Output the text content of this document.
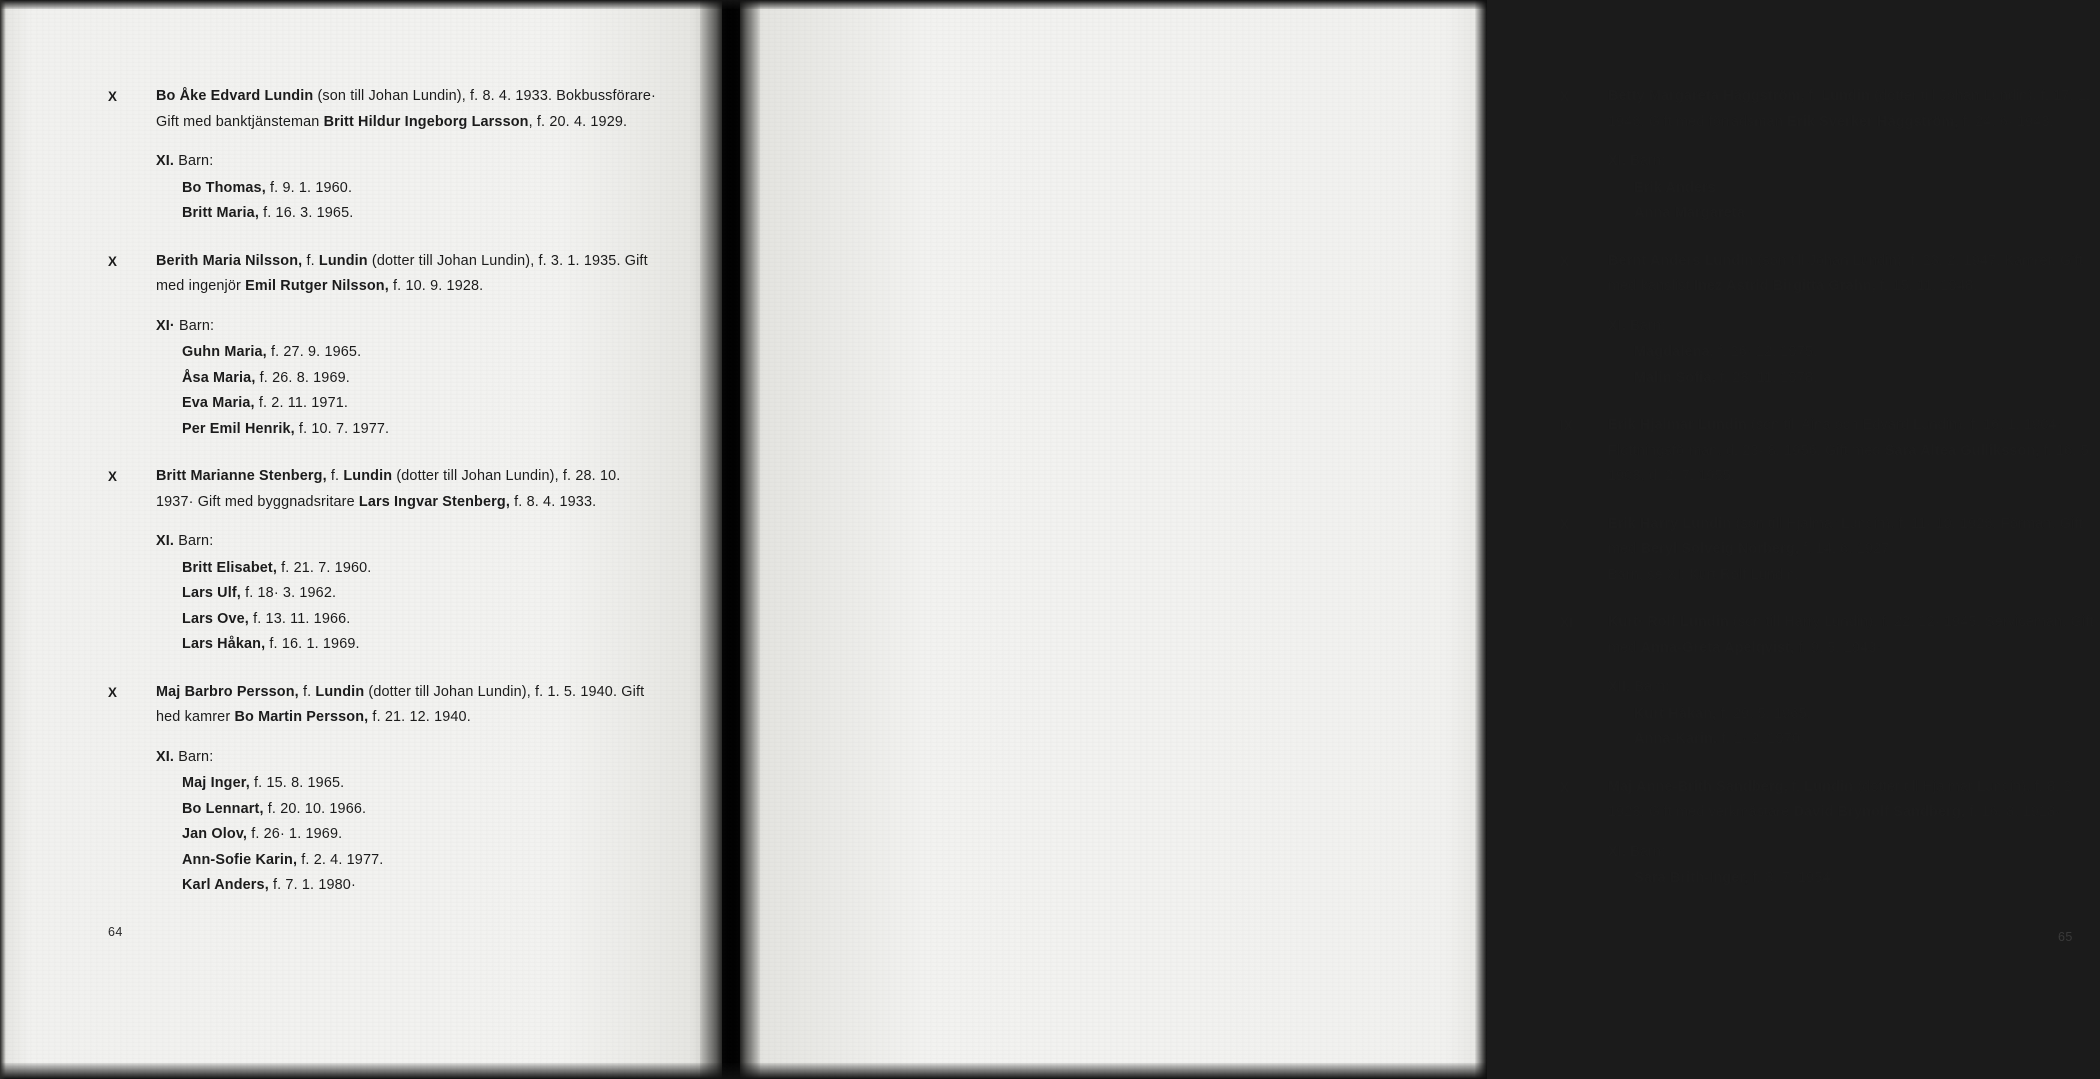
X	Bo Åke Edvard Lundin (son till Johan Lundin), f. 8. 4. 1933. Bokbussförare· Gift med banktjänsteman Britt Hildur Ingeborg Larsson, f. 20. 4. 1929.

XI. Barn:

Bo Thomas, f. 9. 1. 1960.
Britt Maria, f. 16. 3. 1965.
X	Berith Maria Nilsson, f. Lundin (dotter till Johan Lundin), f. 3. 1. 1935. Gift med ingenjör Emil Rutger Nilsson, f. 10. 9. 1928.

XI· Barn:

Guhn Maria, f. 27. 9. 1965.
Åsa Maria, f. 26. 8. 1969.
Eva Maria, f. 2. 11. 1971.
Per Emil Henrik, f. 10. 7. 1977.
X	Britt Marianne Stenberg, f. Lundin (dotter till Johan Lundin), f. 28. 10. 1937· Gift med byggnadsritare Lars Ingvar Stenberg, f. 8. 4. 1933.

XI. Barn:

Britt Elisabet, f. 21. 7. 1960.
Lars Ulf, f. 18· 3. 1962.
Lars Ove, f. 13. 11. 1966.
Lars Håkan, f. 16. 1. 1969.
X	Maj Barbro Persson, f. Lundin (dotter till Johan Lundin), f. 1. 5. 1940. Gift hed kamrer Bo Martin Persson, f. 21. 12. 1940.

XI. Barn:

Maj Inger, f. 15. 8. 1965.
Bo Lennart, f. 20. 10. 1966.
Jan Olov, f. 26· 1. 1969.
Ann-Sofie Karin, f. 2. 4. 1977.
Karl Anders, f. 7. 1. 1980·
64
X	Betty Margareta Häggström, f. Lundin (dotter till Johan Lundin), f. 17. 1. 1946. Gift med förrådsman Erik Sverker Häggström, f. 24. 6· 1943.

XI. Barn:

Erik Anders
Anna Margareta
X	Bernt Anders Lundin (son till Johan Lundin), f. 23. 2. 1947. Kamrer. Gift med kanslist Inez Astrid Birgitta Grahn, f. 15. 11. 1948.

XI. Barn:

Magdalena, f. 26· 12. 1975.
Malin Sofia, f. 28. 11. 1978.
IX	Erik Hjalmar Lundin (son till Aina och Edvard Lundin), f. 16. 1. 1904· Flottningsförman, d. 23· 8. 1956. Gift med Sara Altea Gulliksson, f. 16. 5. 1908, d. 2. 7. 1955.

X	Erik Harry Lundin (son till Hjalmar Lundin), f. 11· 10. 1926. Förman. Gift med Beryl Solveig Norberg, f. 14. 6. 1927.
Barn, se XI: Kurt Rolf Lundin.

XI	Kurt· Rolf Lundin (son till Harry Lundin), f. 22. 12· 1945. Serviceman. Gift med Anna-Greta Apelqvist, f. 9. 5. 1943·

XII. Barn:

Kurt Håkan, f. 29. 5. 1965.
Anna-Karin, f. 1· 2. 1970.
X	Maj Anne-Brith Sandberg, f. Lundin (dotter till Hjalmar Lundin), f. 8. 2. 1928. Gift med verkmästare David Brynolf Sandberg, f. 16. 8. 1918·

XI. Barn:

Sara Brith-Inger, f. 3. 7. 1954.
65
